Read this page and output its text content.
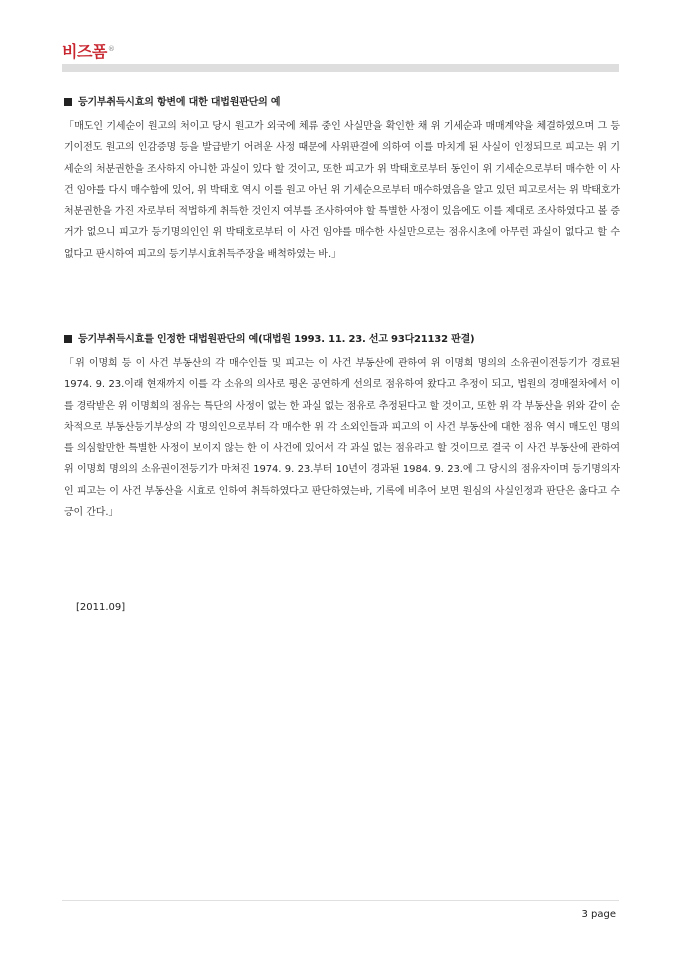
비즈폼®
등기부취득시효의 항변에 대한 대법원판단의 예
「매도인 기세순이 원고의 처이고 당시 원고가 외국에 체류 중인 사실만을 확인한 채 위 기세순과 매매계약을 체결하였으며 그 등기이전도 원고의 인감증명 등을 발급받기 어려운 사정 때문에 사위판결에 의하여 이를 마치게 된 사실이 인정되므로 피고는 위 기세순의 처분권한을 조사하지 아니한 과실이 있다 할 것이고, 또한 피고가 위 박태호로부터 동인이 위 기세순으로부터 매수한 이 사건 임야를 다시 매수함에 있어, 위 박태호 역시 이를 원고 아닌 위 기세순으로부터 매수하였음을 알고 있던 피고로서는 위 박태호가 처분권한을 가진 자로부터 적법하게 취득한 것인지 여부를 조사하여야 할 특별한 사정이 있음에도 이를 제대로 조사하였다고 볼 증거가 없으니 피고가 등기명의인인 위 박태호로부터 이 사건 임야를 매수한 사실만으로는 점유시초에 아무런 과실이 없다고 할 수 없다고 판시하여 피고의 등기부시효취득주장을 배척하였는 바.」
등기부취득시효를 인정한 대법원판단의 예(대법원 1993. 11. 23. 선고 93다21132 판결)
「위 이명희 등 이 사건 부동산의 각 매수인들 및 피고는 이 사건 부동산에 관하여 위 이명희 명의의 소유권이전등기가 경료된 1974. 9. 23.이래 현재까지 이를 각 소유의 의사로 평온 공연하게 선의로 점유하여 왔다고 추정이 되고, 법원의 경매절차에서 이를 경락받은 위 이명희의 점유는 특단의 사정이 없는 한 과실 없는 점유로 추정된다고 할 것이고, 또한 위 각 부동산을 위와 같이 순차적으로 부동산등기부상의 각 명의인으로부터 각 매수한 위 각 소외인들과 피고의 이 사건 부동산에 대한 점유 역시 매도인 명의를 의심할만한 특별한 사정이 보이지 않는 한 이 사건에 있어서 각 과실 없는 점유라고 할 것이므로 결국 이 사건 부동산에 관하여 위 이명희 명의의 소유권이전등기가 마쳐진 1974. 9. 23.부터 10년이 경과된 1984. 9. 23.에 그 당시의 점유자이며 등기명의자인 피고는 이 사건 부동산을 시효로 인하여 취득하였다고 판단하였는바, 기록에 비추어 보면 원심의 사실인정과 판단은 옳다고 수긍이 간다.」
[2011.09]
3 page
